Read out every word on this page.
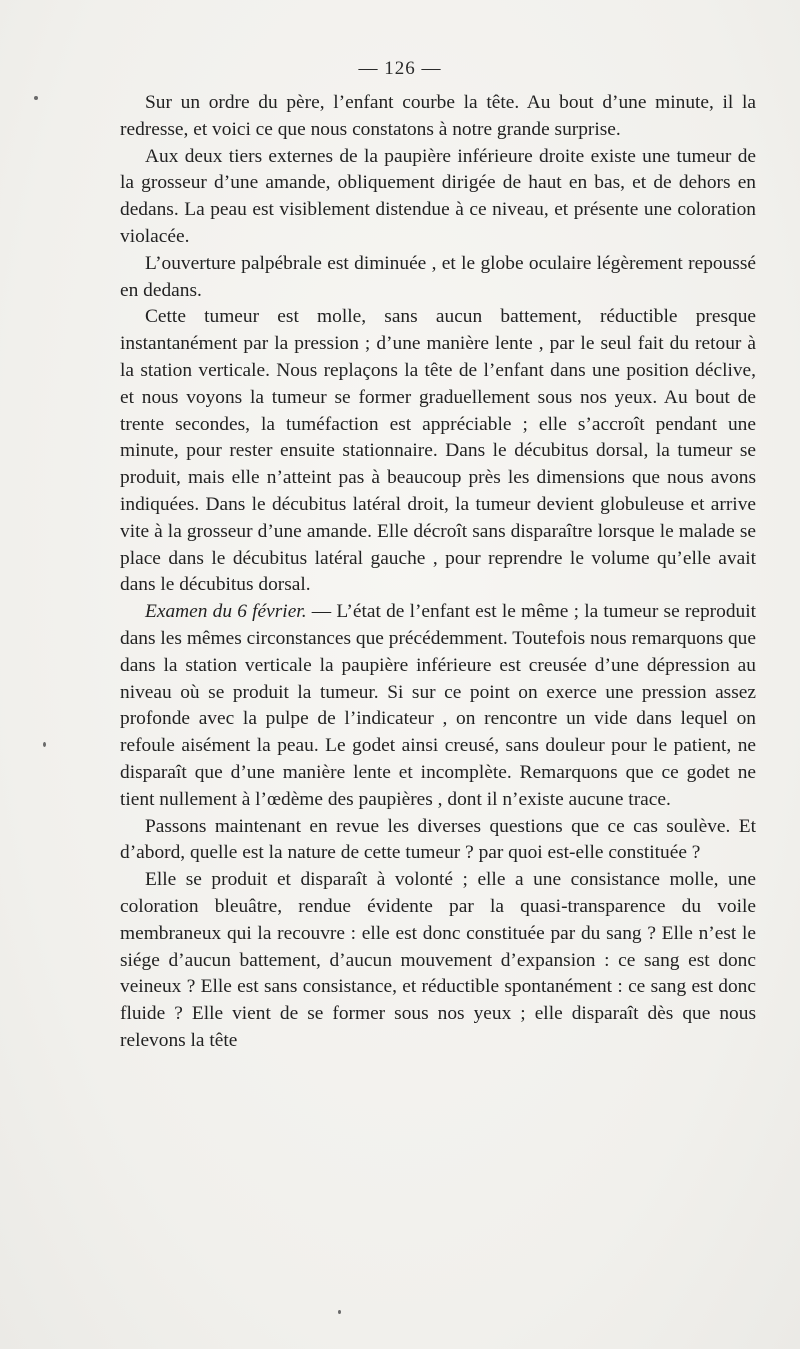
— 126 —

Sur un ordre du père, l’enfant courbe la tête. Au bout d’une minute, il la redresse, et voici ce que nous constatons à notre grande surprise.

Aux deux tiers externes de la paupière inférieure droite existe une tumeur de la grosseur d’une amande, obliquement dirigée de haut en bas, et de dehors en dedans. La peau est visiblement distendue à ce niveau, et présente une coloration violacée.

L’ouverture palpébrale est diminuée , et le globe oculaire légèrement repoussé en dedans.

Cette tumeur est molle, sans aucun battement, réductible presque instantanément par la pression ; d’une manière lente , par le seul fait du retour à la station verticale. Nous replaçons la tête de l’enfant dans une position déclive, et nous voyons la tumeur se former graduellement sous nos yeux. Au bout de trente secondes, la tuméfaction est appréciable ; elle s’accroît pendant une minute, pour rester ensuite stationnaire. Dans le décubitus dorsal, la tumeur se produit, mais elle n’atteint pas à beaucoup près les dimensions que nous avons indiquées. Dans le décubitus latéral droit, la tumeur devient globuleuse et arrive vite à la grosseur d’une amande. Elle décroît sans disparaître lorsque le malade se place dans le décubitus latéral gauche , pour reprendre le volume qu’elle avait dans le décubitus dorsal.

Examen du 6 février. — L’état de l’enfant est le même ; la tumeur se reproduit dans les mêmes circonstances que précédemment. Toutefois nous remarquons que dans la station verticale la paupière inférieure est creusée d’une dépression au niveau où se produit la tumeur. Si sur ce point on exerce une pression assez profonde avec la pulpe de l’indicateur , on rencontre un vide dans lequel on refoule aisément la peau. Le godet ainsi creusé, sans douleur pour le patient, ne disparaît que d’une manière lente et incomplète. Remarquons que ce godet ne tient nullement à l’œdème des paupières , dont il n’existe aucune trace.

Passons maintenant en revue les diverses questions que ce cas soulève. Et d’abord, quelle est la nature de cette tumeur ? par quoi est-elle constituée ?

Elle se produit et disparaît à volonté ; elle a une consistance molle, une coloration bleuâtre, rendue évidente par la quasi-transparence du voile membraneux qui la recouvre : elle est donc constituée par du sang ? Elle n’est le siége d’aucun battement, d’aucun mouvement d’expansion : ce sang est donc veineux ? Elle est sans consistance, et réductible spontanément : ce sang est donc fluide ? Elle vient de se former sous nos yeux ; elle disparaît dès que nous relevons la tête
